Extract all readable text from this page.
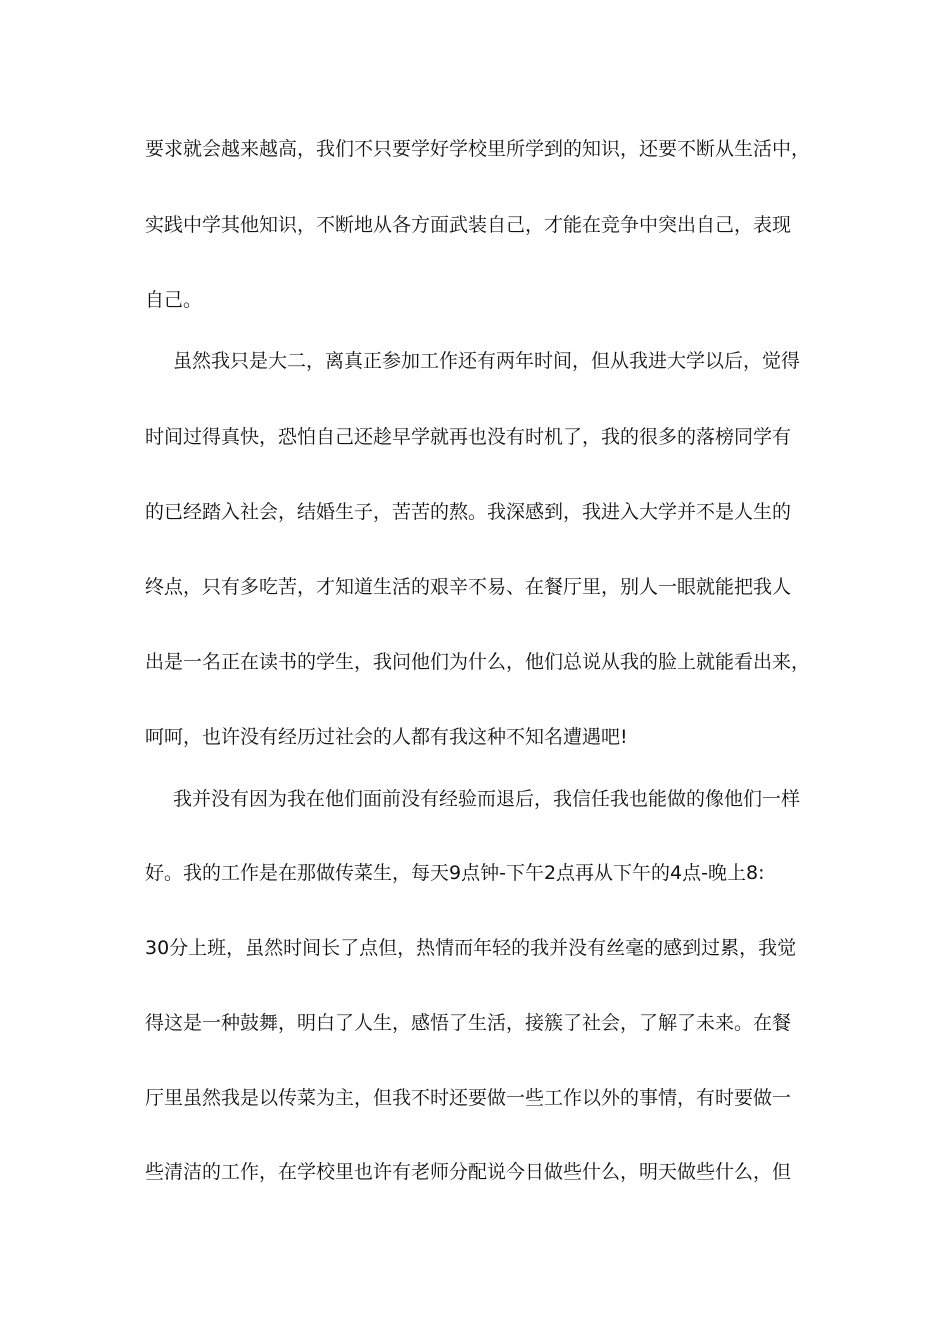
要求就会越来越高，我们不只要学好学校里所学到的知识，还要不断从生活中，
实践中学其他知识，不断地从各方面武装自己，才能在竞争中突出自己，表现
自己。
虽然我只是大二，离真正参加工作还有两年时间，但从我进大学以后，觉得
时间过得真快，恐怕自己还趁早学就再也没有时机了，我的很多的落榜同学有
的已经踏入社会，结婚生子，苦苦的熬。我深感到，我进入大学并不是人生的
终点，只有多吃苦，才知道生活的艰辛不易、在餐厅里，别人一眼就能把我人
出是一名正在读书的学生，我问他们为什么，他们总说从我的脸上就能看出来，
呵呵，也许没有经历过社会的人都有我这种不知名遭遇吧!
我并没有因为我在他们面前没有经验而退后，我信任我也能做的像他们一样
好。我的工作是在那做传菜生，每天9点钟-下午2点再从下午的4点-晚上8:
30分上班，虽然时间长了点但，热情而年轻的我并没有丝毫的感到过累，我觉
得这是一种鼓舞，明白了人生，感悟了生活，接簇了社会，了解了未来。在餐
厅里虽然我是以传菜为主，但我不时还要做一些工作以外的事情，有时要做一
些清洁的工作，在学校里也许有老师分配说今日做些什么，明天做些什么，但
